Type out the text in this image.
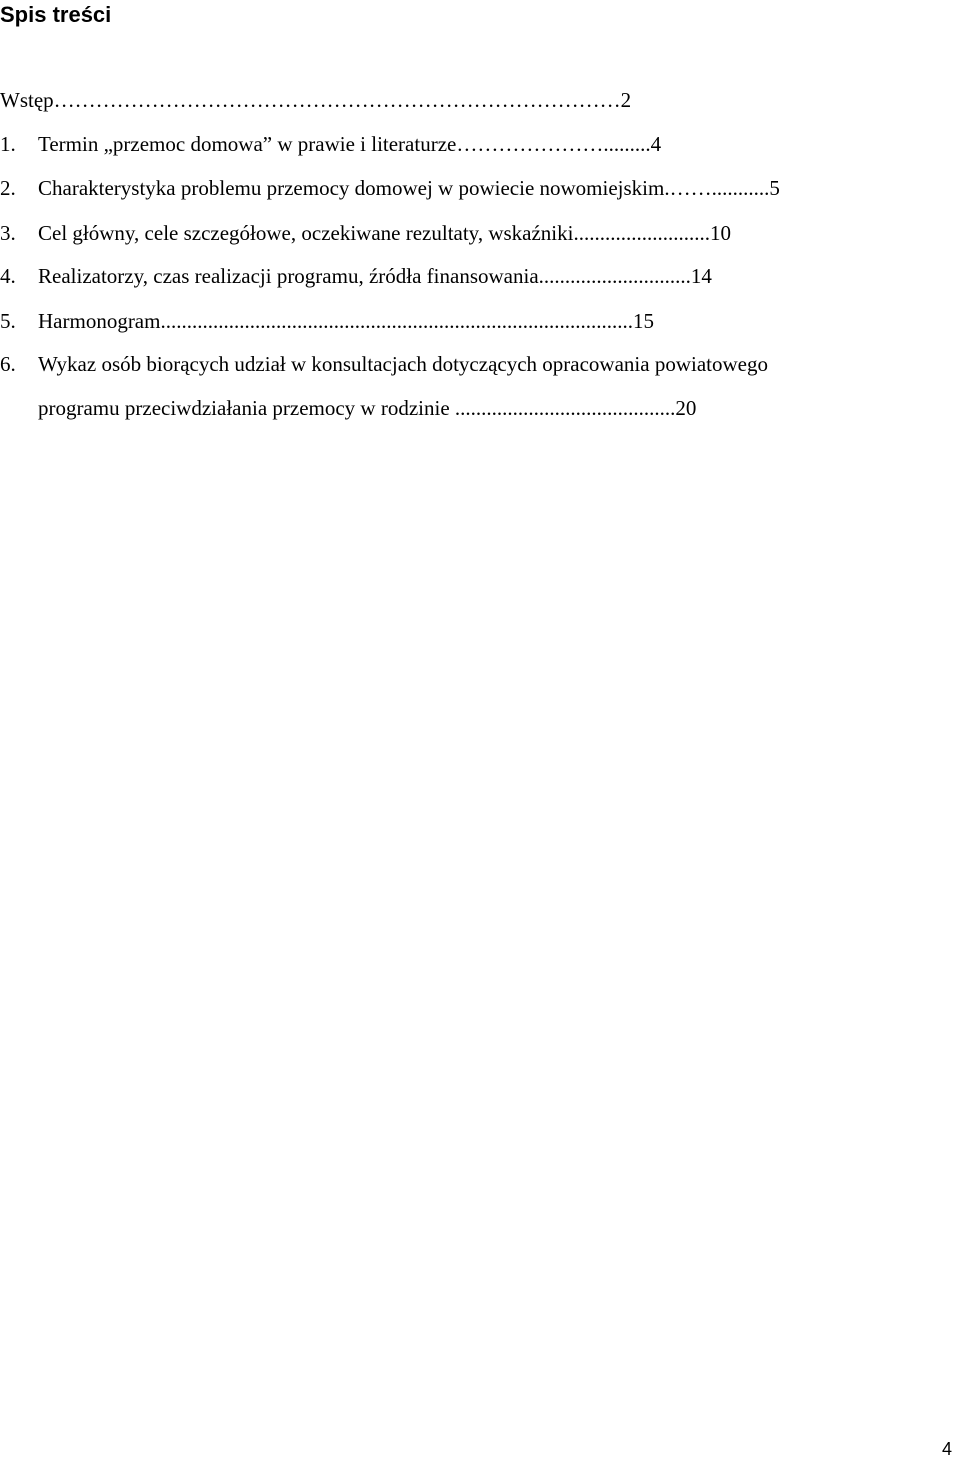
Spis treści
Wstęp………………………………………………………………………2
1. Termin „przemoc domowa” w prawie i literaturze………………….........4
2. Charakterystyka problemu przemocy domowej w powiecie nowomiejskim.……...........5
3. Cel główny, cele szczegółowe, oczekiwane rezultaty, wskaźniki..........................10
4. Realizatorzy, czas realizacji programu, źródła finansowania.............................14
5. Harmonogram..........................................................................................15
6. Wykaz osób biorących udział w konsultacjach dotyczących opracowania powiatowego
programu przeciwdziałania przemocy w rodzinie ..........................................20
4
